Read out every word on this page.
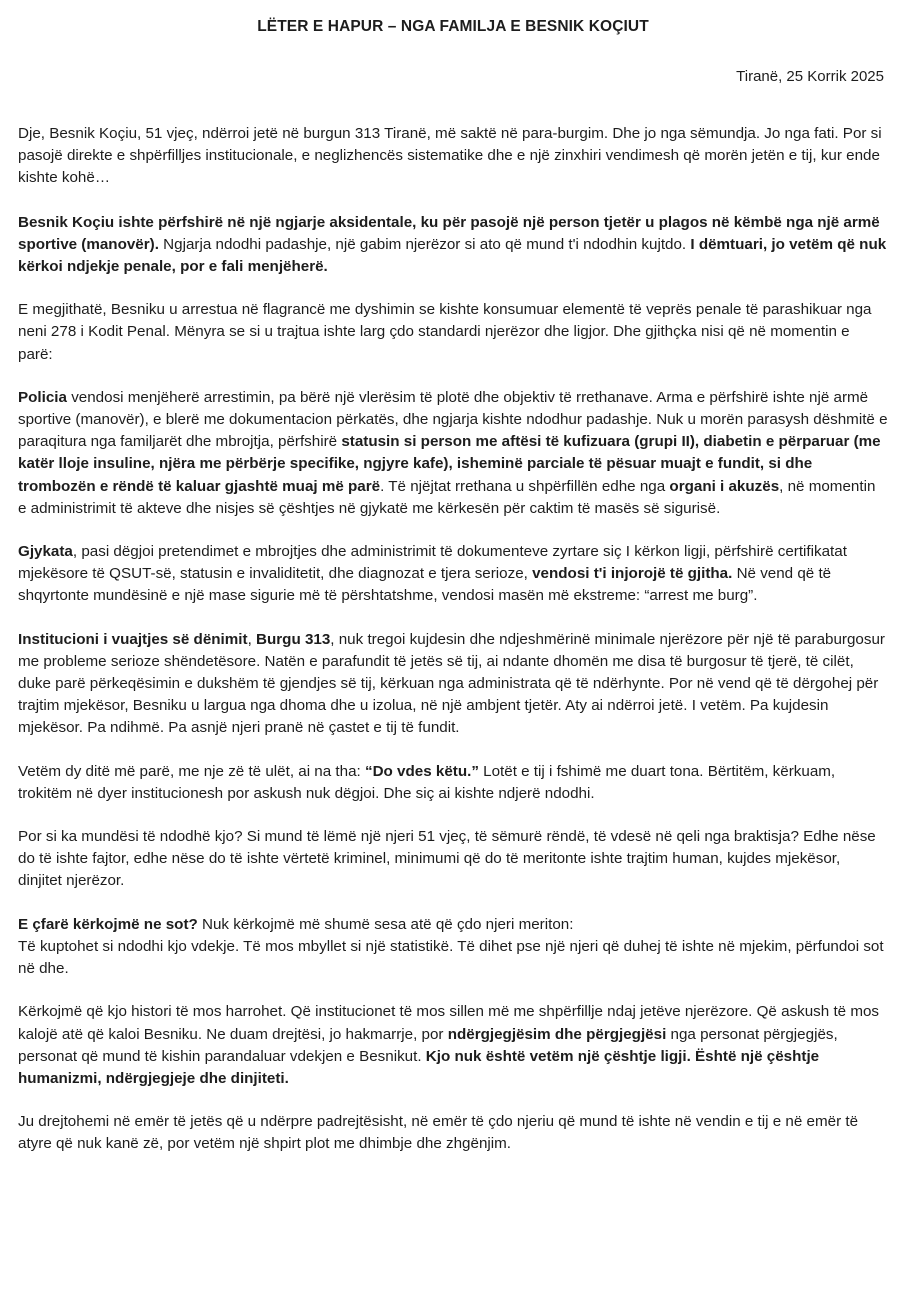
LËTER E HAPUR – NGA FAMILJA E BESNIK KOÇIUT
Tiranë, 25 Korrik 2025

Dje, Besnik Koçiu, 51 vjeç, ndërroi jetë në burgun 313 Tiranë, më saktë në para-burgim. Dhe jo nga sëmundja. Jo nga fati. Por si pasojë direkte e shpërfilljes institucionale, e neglizhencës sistematike dhe e një zinxhiri vendimesh që morën jetën e tij, kur ende kishte kohë…

Besnik Koçiu ishte përfshirë në një ngjarje aksidentale, ku për pasojë një person tjetër u plagos në këmbë nga një armë sportive (manovër). Ngjarja ndodhi padashje, një gabim njerëzor si ato që mund t'i ndodhin kujtdo. I dëmtuari, jo vetëm që nuk kërkoi ndjekje penale, por e fali menjëherë.

E megjithatë, Besniku u arrestua në flagrancë me dyshimin se kishte konsumuar elementë të veprës penale të parashikuar nga neni 278 i Kodit Penal. Mënyra se si u trajtua ishte larg çdo standardi njerëzor dhe ligjor. Dhe gjithçka nisi që në momentin e parë:

Policia vendosi menjëherë arrestimin, pa bërë një vlerësim të plotë dhe objektiv të rrethanave. Arma e përfshirë ishte një armë sportive (manovër), e blerë me dokumentacion përkatës, dhe ngjarja kishte ndodhur padashje. Nuk u morën parasysh dëshmitë e paraqitura nga familjarët dhe mbrojtja, përfshirë statusin si person me aftësi të kufizuara (grupi II), diabetin e përparuar (me katër lloje insuline, njëra me përbërje specifike, ngjyre kafe), isheminë parciale të pësuar muajt e fundit, si dhe trombozën e rëndë të kaluar gjashtë muaj më parë. Të njëjtat rrethana u shpërfillën edhe nga organi i akuzës, në momentin e administrimit të akteve dhe nisjes së çështjes në gjykatë me kërkesën për caktim të masës së sigurisë.

Gjykata, pasi dëgjoi pretendimet e mbrojtjes dhe administrimit të dokumenteve zyrtare siç I kërkon ligji, përfshirë certifikatat mjekësore të QSUT-së, statusin e invaliditetit, dhe diagnozat e tjera serioze, vendosi t'i injorojë të gjitha. Në vend që të shqyrtonte mundësinë e një mase sigurie më të përshtatshme, vendosi masën më ekstreme: “arrest me burg”.

Institucioni i vuajtjes së dënimit, Burgu 313, nuk tregoi kujdesin dhe ndjeshmërinë minimale njerëzore për një të paraburgosur me probleme serioze shëndetësore. Natën e parafundit të jetës së tij, ai ndante dhomën me disa të burgosur të tjerë, të cilët, duke parë përkeqësimin e dukshëm të gjendjes së tij, kërkuan nga administrata që të ndërhynte. Por në vend që të dërgohej për trajtim mjekësor, Besniku u largua nga dhoma dhe u izolua, në një ambjent tjetër. Aty ai ndërroi jetë. I vetëm. Pa kujdesin mjekësor. Pa ndihmë. Pa asnjë njeri pranë në çastet e tij të fundit.

Vetëm dy ditë më parë, me nje zë të ulët, ai na tha: “Do vdes këtu.” Lotët e tij i fshimë me duart tona. Bërtitëm, kërkuam, trokitëm në dyer institucionesh por askush nuk dëgjoi. Dhe siç ai kishte ndjerë ndodhi.

Por si ka mundësi të ndodhë kjo? Si mund të lëmë një njeri 51 vjeç, të sëmurë rëndë, të vdesë në qeli nga braktisja? Edhe nëse do të ishte fajtor, edhe nëse do të ishte vërtetë kriminel, minimumi që do të meritonte ishte trajtim human, kujdes mjekësor, dinjitet njerëzor.

E çfarë kërkojmë ne sot? Nuk kërkojmë më shumë sesa atë që çdo njeri meriton:
Të kuptohet si ndodhi kjo vdekje. Të mos mbyllet si një statistikë. Të dihet pse një njeri që duhej të ishte në mjekim, përfundoi sot në dhe.

Kërkojmë që kjo histori të mos harrohet. Që institucionet të mos sillen më me shpërfillje ndaj jetëve njerëzore. Që askush të mos kalojë atë që kaloi Besniku. Ne duam drejtësi, jo hakmarrje, por ndërgjegjësim dhe përgjegjësi nga personat përgjegjës, personat që mund të kishin parandaluar vdekjen e Besnikut. Kjo nuk është vetëm një çështje ligji. Është një çështje humanizmi, ndërgjegjeje dhe dinjiteti.

Ju drejtohemi në emër të jetës që u ndërpre padrejtësisht, në emër të çdo njeriu që mund të ishte në vendin e tij e në emër të atyre që nuk kanë zë, por vetëm një shpirt plot me dhimbje dhe zhgënjim.
